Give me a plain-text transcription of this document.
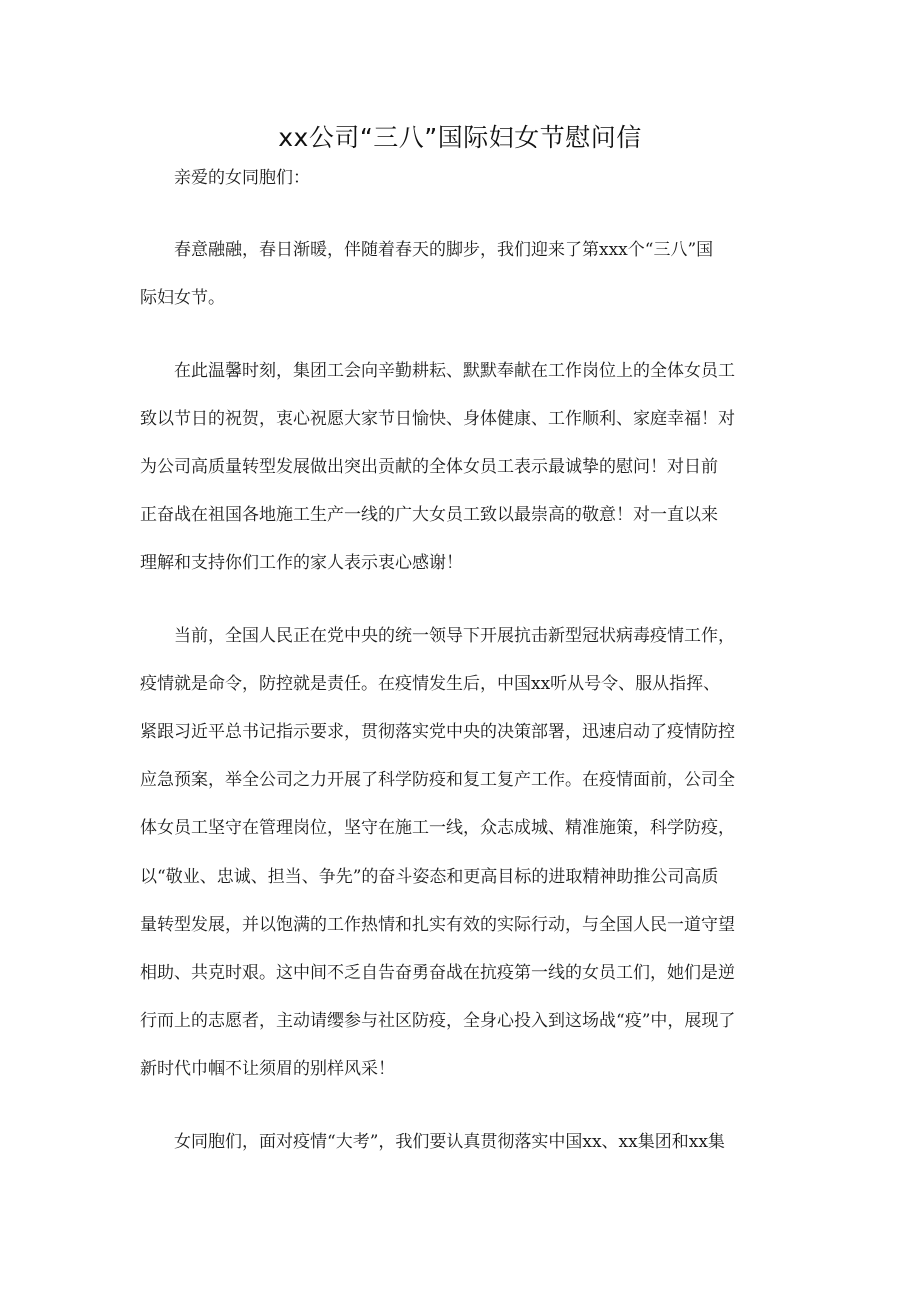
xx公司“三八”国际妇女节慰问信

亲爱的女同胞们：

春意融融，春日渐暖，伴随着春天的脚步，我们迎来了第xxx个“三八”国
际妇女节。

在此温馨时刻，集团工会向辛勤耕耘、默默奉献在工作岗位上的全体女员工
致以节日的祝贺，衷心祝愿大家节日愉快、身体健康、工作顺利、家庭幸福！对
为公司高质量转型发展做出突出贡献的全体女员工表示最诚挚的慰问！对日前
正奋战在祖国各地施工生产一线的广大女员工致以最崇高的敬意！对一直以来
理解和支持你们工作的家人表示衷心感谢！

当前，全国人民正在党中央的统一领导下开展抗击新型冠状病毒疫情工作，
疫情就是命令，防控就是责任。在疫情发生后，中国xx听从号令、服从指挥、
紧跟习近平总书记指示要求，贯彻落实党中央的决策部署，迅速启动了疫情防控
应急预案，举全公司之力开展了科学防疫和复工复产工作。在疫情面前，公司全
体女员工坚守在管理岗位，坚守在施工一线，众志成城、精准施策，科学防疫，
以“敬业、忠诚、担当、争先”的奋斗姿态和更高目标的进取精神助推公司高质
量转型发展，并以饱满的工作热情和扎实有效的实际行动，与全国人民一道守望
相助、共克时艰。这中间不乏自告奋勇奋战在抗疫第一线的女员工们，她们是逆
行而上的志愿者，主动请缨参与社区防疫，全身心投入到这场战“疫”中，展现了
新时代巾帼不让须眉的别样风采！

女同胞们，面对疫情“大考”，我们要认真贯彻落实中国xx、xx集团和xx集
